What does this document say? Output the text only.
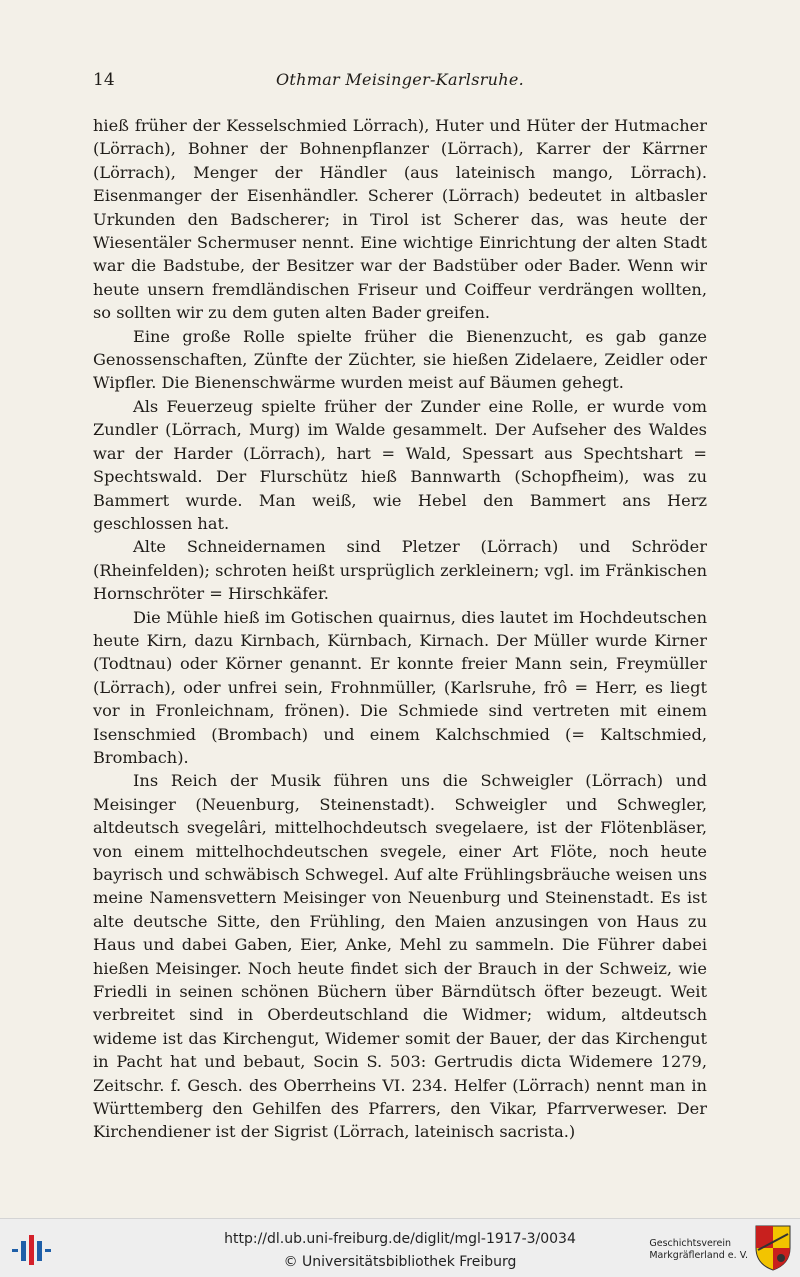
14	Othmar Meisinger-Karlsruhe.

hieß früher der Kesselschmied Lörrach), Huter und Hüter der Hutmacher (Lörrach), Bohner der Bohnenpflanzer (Lörrach), Karrer der Kärrner (Lörrach), Menger der Händler (aus lateinisch mango, Lörrach). Eisenmanger der Eisenhändler. Scherer (Lörrach) bedeutet in altbasler Urkunden den Badscherer; in Tirol ist Scherer das, was heute der Wiesentäler Schermuser nennt. Eine wichtige Einrichtung der alten Stadt war die Badstube, der Besitzer war der Badstüber oder Bader. Wenn wir heute unsern fremdländischen Friseur und Coiffeur verdrängen wollten, so sollten wir zu dem guten alten Bader greifen.

Eine große Rolle spielte früher die Bienenzucht, es gab ganze Genossenschaften, Zünfte der Züchter, sie hießen Zidelaere, Zeidler oder Wipfler. Die Bienenschwärme wurden meist auf Bäumen gehegt.

Als Feuerzeug spielte früher der Zunder eine Rolle, er wurde vom Zundler (Lörrach, Murg) im Walde gesammelt. Der Aufseher des Waldes war der Harder (Lörrach), hart = Wald, Spessart aus Spechtshart = Spechtswald. Der Flurschütz hieß Bannwarth (Schopfheim), was zu Bammert wurde. Man weiß, wie Hebel den Bammert ans Herz geschlossen hat.

Alte Schneidernamen sind Pletzer (Lörrach) und Schröder (Rheinfelden); schroten heißt ursprüglich zerkleinern; vgl. im Fränkischen Hornschröter = Hirschkäfer.

Die Mühle hieß im Gotischen quairnus, dies lautet im Hochdeutschen heute Kirn, dazu Kirnbach, Kürnbach, Kirnach. Der Müller wurde Kirner (Todtnau) oder Körner genannt. Er konnte freier Mann sein, Freymüller (Lörrach), oder unfrei sein, Frohnmüller, (Karlsruhe, frô = Herr, es liegt vor in Fronleichnam, frönen). Die Schmiede sind vertreten mit einem Isenschmied (Brombach) und einem Kalchschmied (= Kaltschmied, Brombach).

Ins Reich der Musik führen uns die Schweigler (Lörrach) und Meisinger (Neuenburg, Steinenstadt). Schweigler und Schwegler, altdeutsch svegelâri, mittelhochdeutsch svegelaere, ist der Flötenbläser, von einem mittelhochdeutschen svegele, einer Art Flöte, noch heute bayrisch und schwäbisch Schwegel. Auf alte Frühlingsbräuche weisen uns meine Namensvettern Meisinger von Neuenburg und Steinenstadt. Es ist alte deutsche Sitte, den Frühling, den Maien anzusingen von Haus zu Haus und dabei Gaben, Eier, Anke, Mehl zu sammeln. Die Führer dabei hießen Meisinger. Noch heute findet sich der Brauch in der Schweiz, wie Friedli in seinen schönen Büchern über Bärndütsch öfter bezeugt. Weit verbreitet sind in Oberdeutschland die Widmer; widum, altdeutsch wideme ist das Kirchengut, Widemer somit der Bauer, der das Kirchengut in Pacht hat und bebaut, Socin S. 503: Gertrudis dicta Widemere 1279, Zeitschr. f. Gesch. des Oberrheins VI. 234. Helfer (Lörrach) nennt man in Württemberg den Gehilfen des Pfarrers, den Vikar, Pfarrverweser. Der Kirchendiener ist der Sigrist (Lörrach, lateinisch sacrista.)

http://dl.ub.uni-freiburg.de/diglit/mgl-1917-3/0034
© Universitätsbibliothek Freiburg
Geschichtsverein
Markgräflerland e. V.
